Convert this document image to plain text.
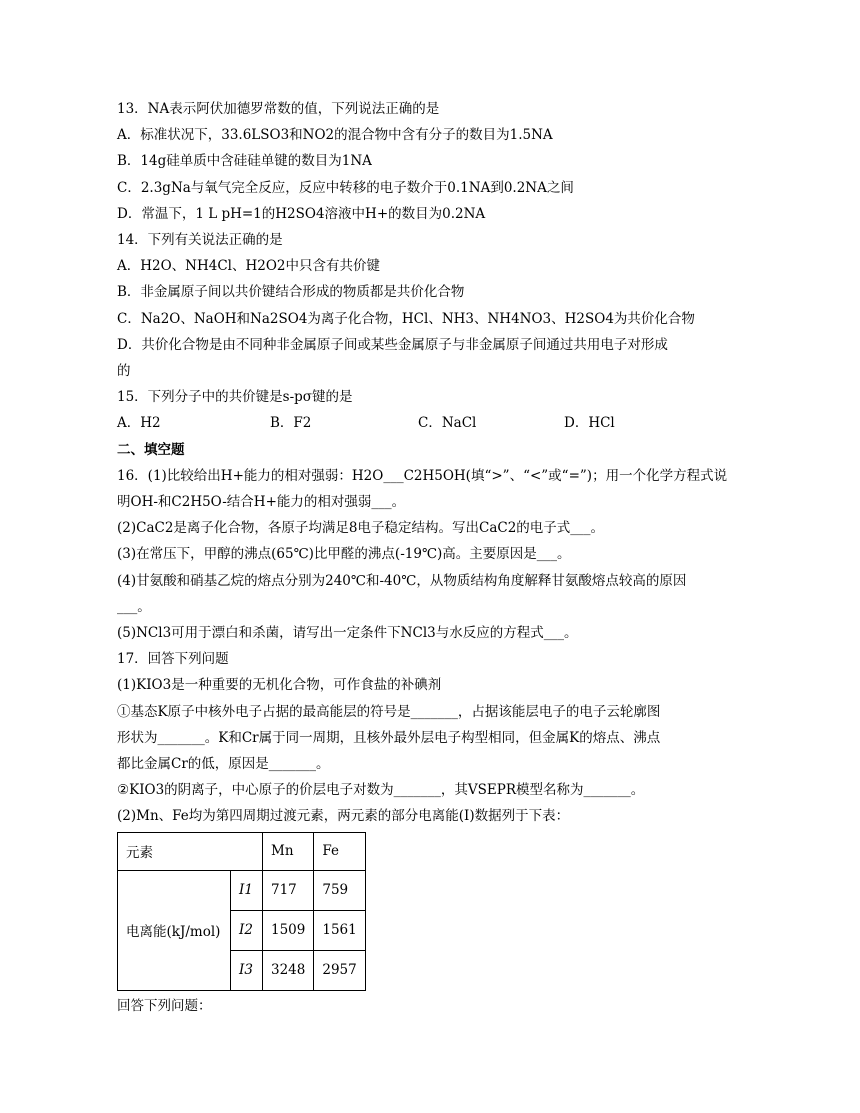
13．NA表示阿伏加德罗常数的值，下列说法正确的是
A．标准状况下，33.6LSO3和NO2的混合物中含有分子的数目为1.5NA
B．14g硅单质中含硅硅单键的数目为1NA
C．2.3gNa与氧气完全反应，反应中转移的电子数介于0.1NA到0.2NA之间
D．常温下，1 L pH=1的H2SO4溶液中H+的数目为0.2NA
14．下列有关说法正确的是
A．H2O、NH4Cl、H2O2中只含有共价键
B．非金属原子间以共价键结合形成的物质都是共价化合物
C．Na2O、NaOH和Na2SO4为离子化合物，HCl、NH3、NH4NO3、H2SO4为共价化合物
D．共价化合物是由不同种非金属原子间或某些金属原子与非金属原子间通过共用电子对形成
的
15．下列分子中的共价键是s-pσ键的是
A．H2	B．F2	C．NaCl	D．HCl
二、填空题
16．(1)比较给出H+能力的相对强弱：H2O___C2H5OH(填“>”、“<”或“=”)；用一个化学方程式说
明OH-和C2H5O-结合H+能力的相对强弱___。
(2)CaC2是离子化合物，各原子均满足8电子稳定结构。写出CaC2的电子式___。
(3)在常压下，甲醇的沸点(65℃)比甲醛的沸点(-19℃)高。主要原因是___。
(4)甘氨酸和硝基乙烷的熔点分别为240℃和-40℃，从物质结构角度解释甘氨酸熔点较高的原因
___。
(5)NCl3可用于漂白和杀菌，请写出一定条件下NCl3与水反应的方程式___。
17．回答下列问题
(1)KIO3是一种重要的无机化合物，可作食盐的补碘剂
①基态K原子中核外电子占据的最高能层的符号是_______，占据该能层电子的电子云轮廓图
形状为_______。K和Cr属于同一周期，且核外最外层电子构型相同，但金属K的熔点、沸点
都比金属Cr的低，原因是_______。
②KIO3的阴离子，中心原子的价层电子对数为_______，其VSEPR模型名称为_______。
(2)Mn、Fe均为第四周期过渡元素，两元素的部分电离能(I)数据列于下表：
元素		Mn	Fe
电离能(kJ/mol)	I1	717	759
	I2	1509	1561
	I3	3248	2957
回答下列问题：
